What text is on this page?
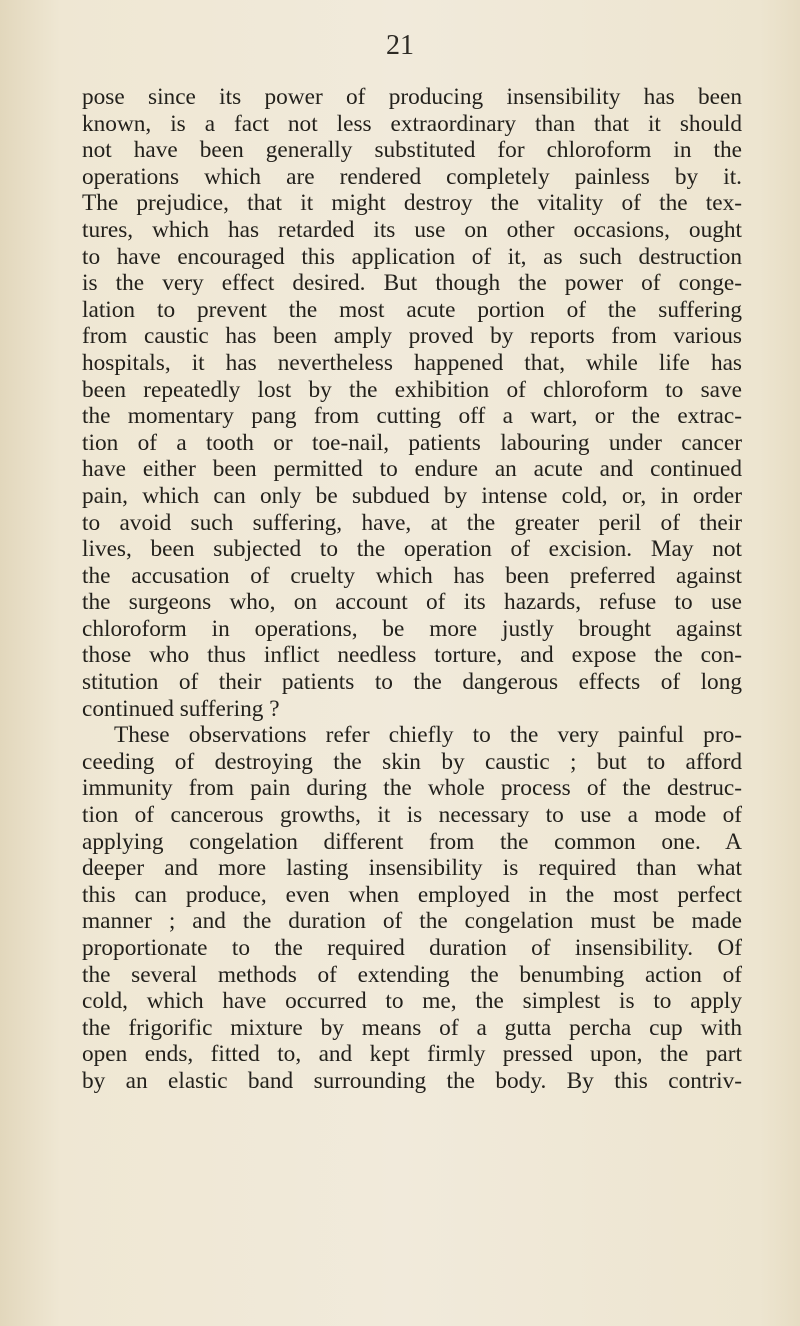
21
pose since its power of producing insensibility has been
known, is a fact not less extraordinary than that it should
not have been generally substituted for chloroform in the
operations which are rendered completely painless by it.
The prejudice, that it might destroy the vitality of the tex-
tures, which has retarded its use on other occasions, ought
to have encouraged this application of it, as such destruction
is the very effect desired. But though the power of conge-
lation to prevent the most acute portion of the suffering
from caustic has been amply proved by reports from various
hospitals, it has nevertheless happened that, while life has
been repeatedly lost by the exhibition of chloroform to save
the momentary pang from cutting off a wart, or the extrac-
tion of a tooth or toe-nail, patients labouring under cancer
have either been permitted to endure an acute and continued
pain, which can only be subdued by intense cold, or, in order
to avoid such suffering, have, at the greater peril of their
lives, been subjected to the operation of excision. May not
the accusation of cruelty which has been preferred against
the surgeons who, on account of its hazards, refuse to use
chloroform in operations, be more justly brought against
those who thus inflict needless torture, and expose the con-
stitution of their patients to the dangerous effects of long
continued suffering ?
These observations refer chiefly to the very painful pro-
ceeding of destroying the skin by caustic ; but to afford
immunity from pain during the whole process of the destruc-
tion of cancerous growths, it is necessary to use a mode of
applying congelation different from the common one. A
deeper and more lasting insensibility is required than what
this can produce, even when employed in the most perfect
manner ; and the duration of the congelation must be made
proportionate to the required duration of insensibility. Of
the several methods of extending the benumbing action of
cold, which have occurred to me, the simplest is to apply
the frigorific mixture by means of a gutta percha cup with
open ends, fitted to, and kept firmly pressed upon, the part
by an elastic band surrounding the body. By this contriv-
